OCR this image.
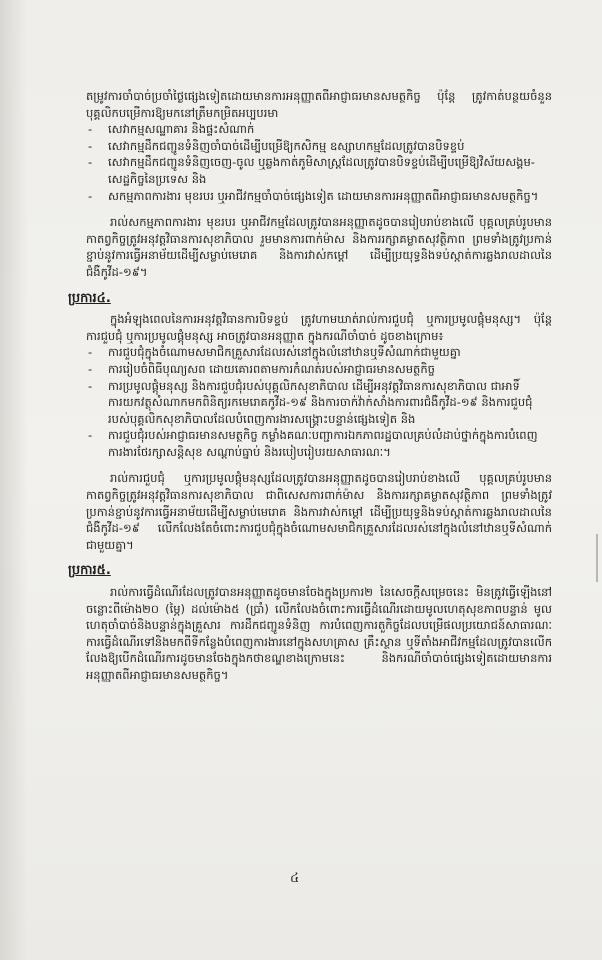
តម្រូវការចាំបាច់ប្រចាំថ្ងៃផ្សេងទៀតដោយមានការអនុញ្ញាតពីអាជ្ញាធរមានសមត្ថកិច្ច ប៉ុន្តែ ត្រូវកាត់បន្ថយចំនួនបុគ្គលិកបម្រើការឱ្យមកនៅត្រឹមកម្រិតអប្បបរមា

- សេវាកម្មសណ្ឋាគារ និងផ្ទះសំណាក់
- សេវាកម្មដឹកជញ្ជូនទំនិញចាំបាច់ដើម្បីបម្រើឱ្យកសិកម្ម ឧស្សាហកម្មដែលត្រូវបានបិទខ្ទប់
- សេវាកម្មដឹកជញ្ជូនទំនិញចេញ-ចូល ឬឆ្លងកាត់ភូមិសាស្ត្រដែលត្រូវបានបិទខ្ទប់ដើម្បីបម្រើឱ្យវិស័យសង្គម-សេដ្ឋកិច្ចនៃប្រទេស និង
- សកម្មភាពការងារ មុខរបរ ឬអាជីវកម្មចាំបាច់ផ្សេងទៀត ដោយមានការអនុញ្ញាតពីអាជ្ញាធរមានសមត្ថកិច្ច។

រាល់សកម្មភាពការងារ មុខរបរ ឬអាជីវកម្មដែលត្រូវបានអនុញ្ញាតដូចបានរៀបរាប់ខាងលើ បុគ្គលគ្រប់រូបមានកាតព្វកិច្ចត្រូវអនុវត្តវិធានការសុខាភិបាល រួមមានការពាក់ម៉ាស និងការរក្សាគម្លាតសុវត្ថិភាព ព្រមទាំងត្រូវប្រកាន់ខ្ជាប់នូវការធ្វើអនាម័យដើម្បីសម្លាប់មេរោគ និងការវាស់កម្ដៅ ដើម្បីប្រយុទ្ធនិងទប់ស្កាត់ការឆ្លងរាលដាលនៃជំងឺកូវីដ-១៩។

ប្រការ៤.

ក្នុងអំឡុងពេលនៃការអនុវត្តវិធានការបិទខ្ទប់ ត្រូវហាមឃាត់រាល់ការជួបជុំ ឬការប្រមូលផ្ដុំមនុស្ស។ ប៉ុន្តែ ការជួបជុំ ឬការប្រមូលផ្ដុំមនុស្ស អាចត្រូវបានអនុញ្ញាត ក្នុងករណីចាំបាច់ ដូចខាងក្រោម៖

- ការជួបជុំក្នុងចំណោមសមាជិកគ្រួសារដែលរស់នៅក្នុងលំនៅឋានឬទីសំណាក់ជាមួយគ្នា
- ការរៀបចំពិធីបុណ្យសព ដោយគោរពតាមការកំណត់របស់អាជ្ញាធរមានសមត្ថកិច្ច
- ការប្រមូលផ្ដុំមនុស្ស និងការជួបជុំរបស់បុគ្គលិកសុខាភិបាល ដើម្បីអនុវត្តវិធានការសុខាភិបាល ជាអាទិ៍ ការយកវត្ថុសំណាកមកពិនិត្យរកមេរោគកូវីដ-១៩ និងការចាក់វ៉ាក់សាំងការពារជំងឺកូវីដ-១៩ និងការជួបជុំរបស់បុគ្គលិកសុខាភិបាលដែលបំពេញការងារសង្គ្រោះបន្ទាន់ផ្សេងទៀត និង
- ការជួបជុំរបស់អាជ្ញាធរមានសមត្ថកិច្ច កម្លាំងគណៈបញ្ជាការឯកភាពរដ្ឋបាលគ្រប់លំដាប់ថ្នាក់ក្នុងការបំពេញការងារថែរក្សាសន្តិសុខ សណ្តាប់ធ្នាប់ និងរបៀបរៀបរយសាធារណៈ។

រាល់ការជួបជុំ ឬការប្រមូលផ្ដុំមនុស្សដែលត្រូវបានអនុញ្ញាតដូចបានរៀបរាប់ខាងលើ បុគ្គលគ្រប់រូបមានកាតព្វកិច្ចត្រូវអនុវត្តវិធានការសុខាភិបាល ជាពិសេសការពាក់ម៉ាស និងការរក្សាគម្លាតសុវត្ថិភាព ព្រមទាំងត្រូវប្រកាន់ខ្ជាប់នូវការធ្វើអនាម័យដើម្បីសម្លាប់មេរោគ និងការវាស់កម្ដៅ ដើម្បីប្រយុទ្ធនិងទប់ស្កាត់ការឆ្លងរាលដាលនៃជំងឺកូវីដ-១៩ លើកលែងតែចំពោះការជួបជុំក្នុងចំណោមសមាជិកគ្រួសារដែលរស់នៅក្នុងលំនៅឋានឬទីសំណាក់ជាមួយគ្នា។

ប្រការ៥.

រាល់ការធ្វើដំណើរដែលត្រូវបានអនុញ្ញាតដូចមានចែងក្នុងប្រការ២ នៃសេចក្តីសម្រេចនេះ មិនត្រូវធ្វើឡើងនៅចន្លោះពីម៉ោង២០ (ម្ភៃ) ដល់ម៉ោង៥ (ប្រាំ) លើកលែងចំពោះការធ្វើដំណើរដោយមូលហេតុសុខភាពបន្ទាន់ មូលហេតុចាំបាច់និងបន្ទាន់ក្នុងគ្រួសារ ការដឹកជញ្ជូនទំនិញ ការបំពេញការតួកិច្ចដែលបម្រើផលប្រយោជន៍សាធារណៈ ការធ្វើដំណើរទៅនិងមកពីទីកន្លែងបំពេញការងារនៅក្នុងសហគ្រាស គ្រឹះស្ថាន ឬទីតាំងអាជីវកម្មដែលត្រូវបានលើកលែងឱ្យបើកដំណើរការដូចមានចែងក្នុងកថាខណ្ឌខាងក្រោមនេះ និងករណីចាំបាច់ផ្សេងទៀតដោយមានការអនុញ្ញាតពីអាជ្ញាធរមានសមត្ថកិច្ច។

៤
